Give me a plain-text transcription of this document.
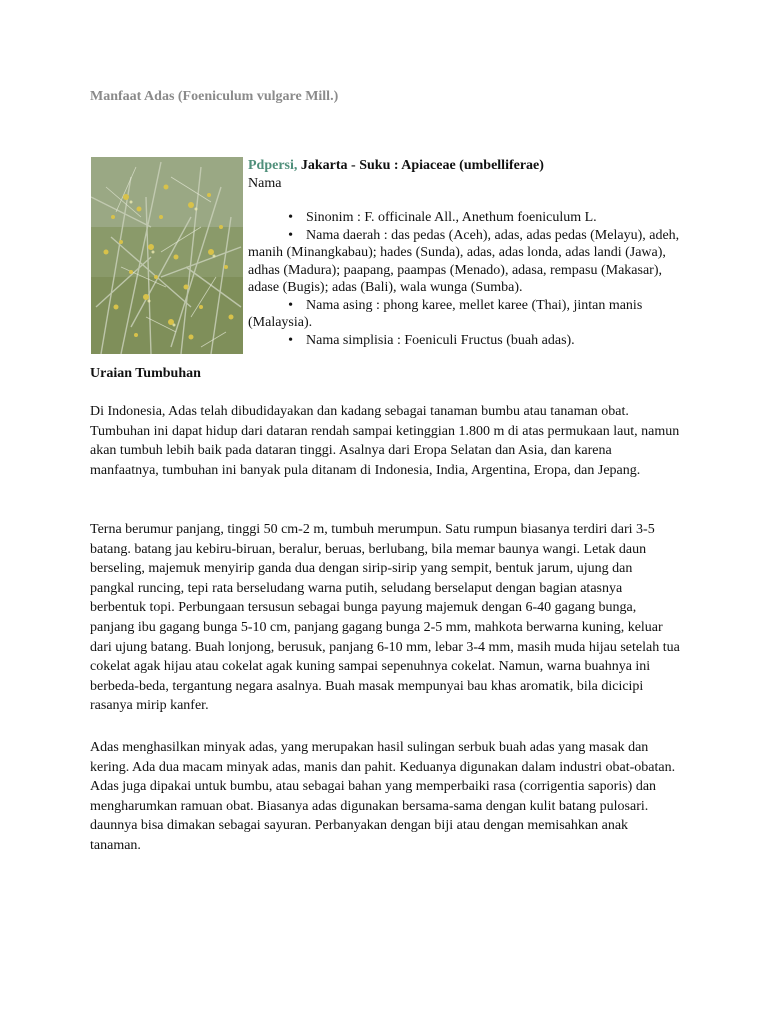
Manfaat Adas (Foeniculum vulgare Mill.)
Pdpersi, Jakarta - Suku : Apiaceae (umbelliferae)
Nama
• Sinonim : F. officinale All., Anethum foeniculum L.
• Nama daerah : das pedas (Aceh), adas, adas pedas (Melayu), adeh, manih (Minangkabau); hades (Sunda), adas, adas londa, adas landi (Jawa), adhas (Madura); paapang, paampas (Menado), adasa, rempasu (Makasar), adase (Bugis); adas (Bali), wala wunga (Sumba).
• Nama asing : phong karee, mellet karee (Thai), jintan manis (Malaysia).
• Nama simplisia : Foeniculi Fructus (buah adas).
Uraian Tumbuhan

Di Indonesia, Adas telah dibudidayakan dan kadang sebagai tanaman bumbu atau tanaman obat. Tumbuhan ini dapat hidup dari dataran rendah sampai ketinggian 1.800 m di atas permukaan laut, namun akan tumbuh lebih baik pada dataran tinggi. Asalnya dari Eropa Selatan dan Asia, dan karena manfaatnya, tumbuhan ini banyak pula ditanam di Indonesia, India, Argentina, Eropa, dan Jepang.

Terna berumur panjang, tinggi 50 cm-2 m, tumbuh merumpun. Satu rumpun biasanya terdiri dari 3-5 batang. batang jau kebiru-biruan, beralur, beruas, berlubang, bila memar baunya wangi. Letak daun berseling, majemuk menyirip ganda dua dengan sirip-sirip yang sempit, bentuk jarum, ujung dan pangkal runcing, tepi rata berseludang warna putih, seludang berselaput dengan bagian atasnya berbentuk topi. Perbungaan tersusun sebagai bunga payung majemuk dengan 6-40 gagang bunga, panjang ibu gagang bunga 5-10 cm, panjang gagang bunga 2-5 mm, mahkota berwarna kuning, keluar dari ujung batang. Buah lonjong, berusuk, panjang 6-10 mm, lebar 3-4 mm, masih muda hijau setelah tua cokelat agak hijau atau cokelat agak kuning sampai sepenuhnya cokelat. Namun, warna buahnya ini berbeda-beda, tergantung negara asalnya. Buah masak mempunyai bau khas aromatik, bila dicicipi rasanya mirip kanfer.

Adas menghasilkan minyak adas, yang merupakan hasil sulingan serbuk buah adas yang masak dan kering. Ada dua macam minyak adas, manis dan pahit. Keduanya digunakan dalam industri obat-obatan. Adas juga dipakai untuk bumbu, atau sebagai bahan yang memperbaiki rasa (corrigentia saporis) dan mengharumkan ramuan obat. Biasanya adas digunakan bersama-sama dengan kulit batang pulosari. daunnya bisa dimakan sebagai sayuran. Perbanyakan dengan biji atau dengan memisahkan anak tanaman.
